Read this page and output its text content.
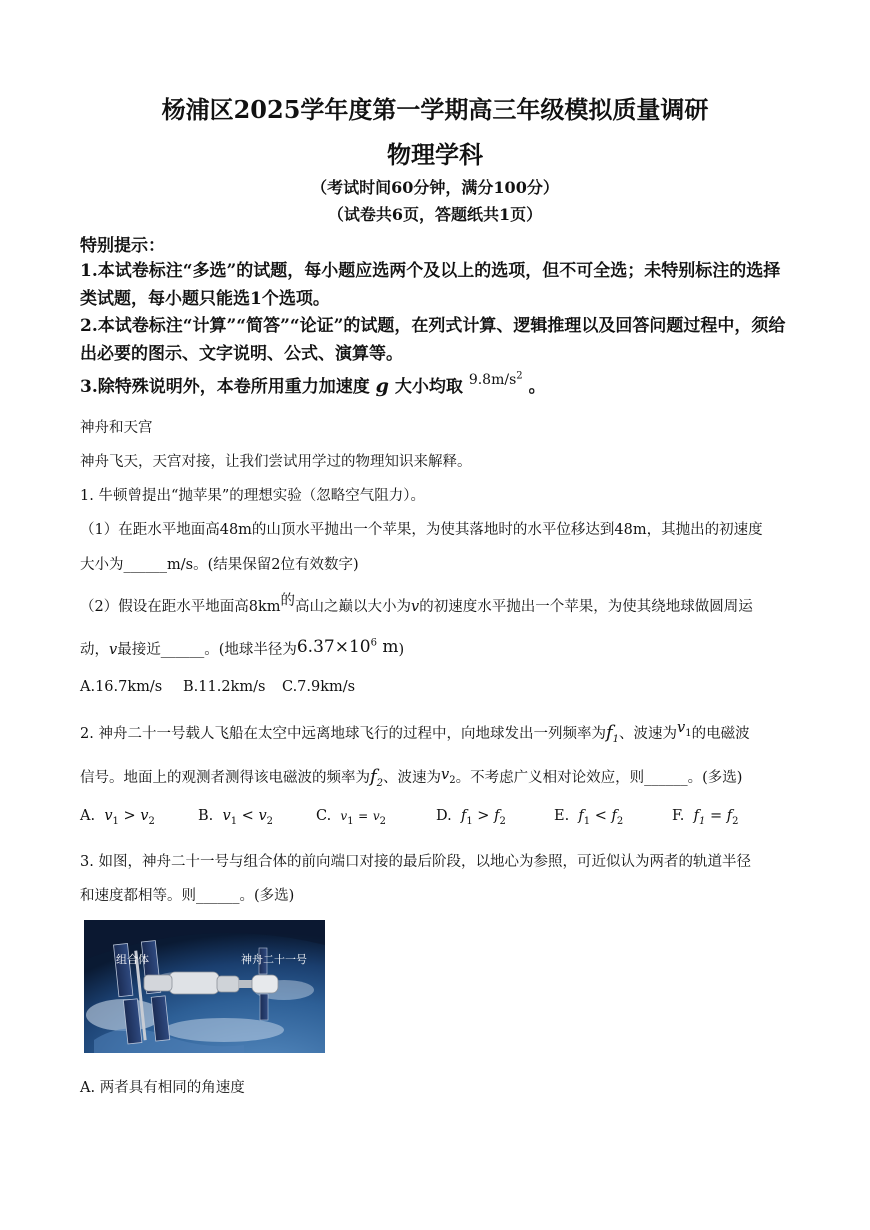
杨浦区2025学年度第一学期高三年级模拟质量调研
物理学科
（考试时间60分钟，满分100分）
（试卷共6页，答题纸共1页）
特别提示：
1.本试卷标注“多选”的试题，每小题应选两个及以上的选项，但不可全选；未特别标注的选择
类试题，每小题只能选1个选项。
2.本试卷标注“计算”“简答”“论证”的试题，在列式计算、逻辑推理以及回答问题过程中，须给
出必要的图示、文字说明、公式、演算等。
3.除特殊说明外，本卷所用重力加速度 g 大小均取 $^{9.8m/s^2}$ 。
神舟和天宫
神舟飞天，天宫对接，让我们尝试用学过的物理知识来解释。
1. 牛顿曾提出“抛苹果”的理想实验（忽略空气阻力）。
（1）在距水平地面高48m的山顶水平抛出一个苹果，为使其落地时的水平位移达到48m，其抛出的初速度
大小为______m/s。(结果保留2位有效数字)
（2）假设在距水平地面高8km的高山之巅以大小为v的初速度水平抛出一个苹果，为使其绕地球做圆周运
动，v最接近______。(地球半径为$6.37\times 10^6$ m)
A.16.7km/s B.11.2km/s C.7.9km/s
2. 神舟二十一号载人飞船在太空中远离地球飞行的过程中，向地球发出一列频率为$f_1$、波速为$v_1$的电磁波
信号。地面上的观测者测得该电磁波的频率为$f_2$、波速为$v_2$。不考虑广义相对论效应，则______。(多选)
A. $v_1 > v_2$	B. $v_1 < v_2$	C. $v_1 = v_2$	D. $f_1 > f_2$	E. $f_1 < f_2$	F. $f_1 = f_2$
3. 如图，神舟二十一号与组合体的前向端口对接的最后阶段，以地心为参照，可近似认为两者的轨道半径
和速度都相等。则______。(多选)
组合体	神舟二十一号
A. 两者具有相同的角速度
